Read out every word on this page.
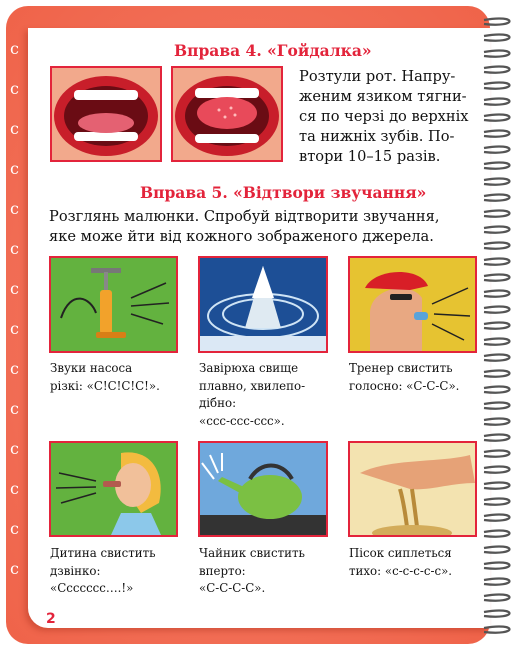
ϲ
ϲ
ϲ
ϲ
ϲ
ϲ
ϲ
ϲ
ϲ
ϲ
ϲ
ϲ
ϲ
ϲ
Вправа 4. «Гойдалка»
Розтули рот. Напру-
женим язиком тягни-
ся по черзі до верхніх
та нижніх зубів. По-
втори 10–15 разів.
Вправа 5. «Відтвори звучання»
Розглянь малюнки. Спробуй відтворити звучання,
яке може йти від кожного зображеного джерела.
Звуки насоса
різкі: «С!С!С!С!».
Завірюха свище
плавно, хвилепо-
дібно:
«ссс-ссс-ссс».
Тренер свистить
голосно: «С-С-С».
Дитина свистить
дзвінко:
«Ссссссс….!»
Чайник свистить
вперто:
«С-С-С-С».
Пісок сиплеться
тихо: «с-с-с-с-с».
2
